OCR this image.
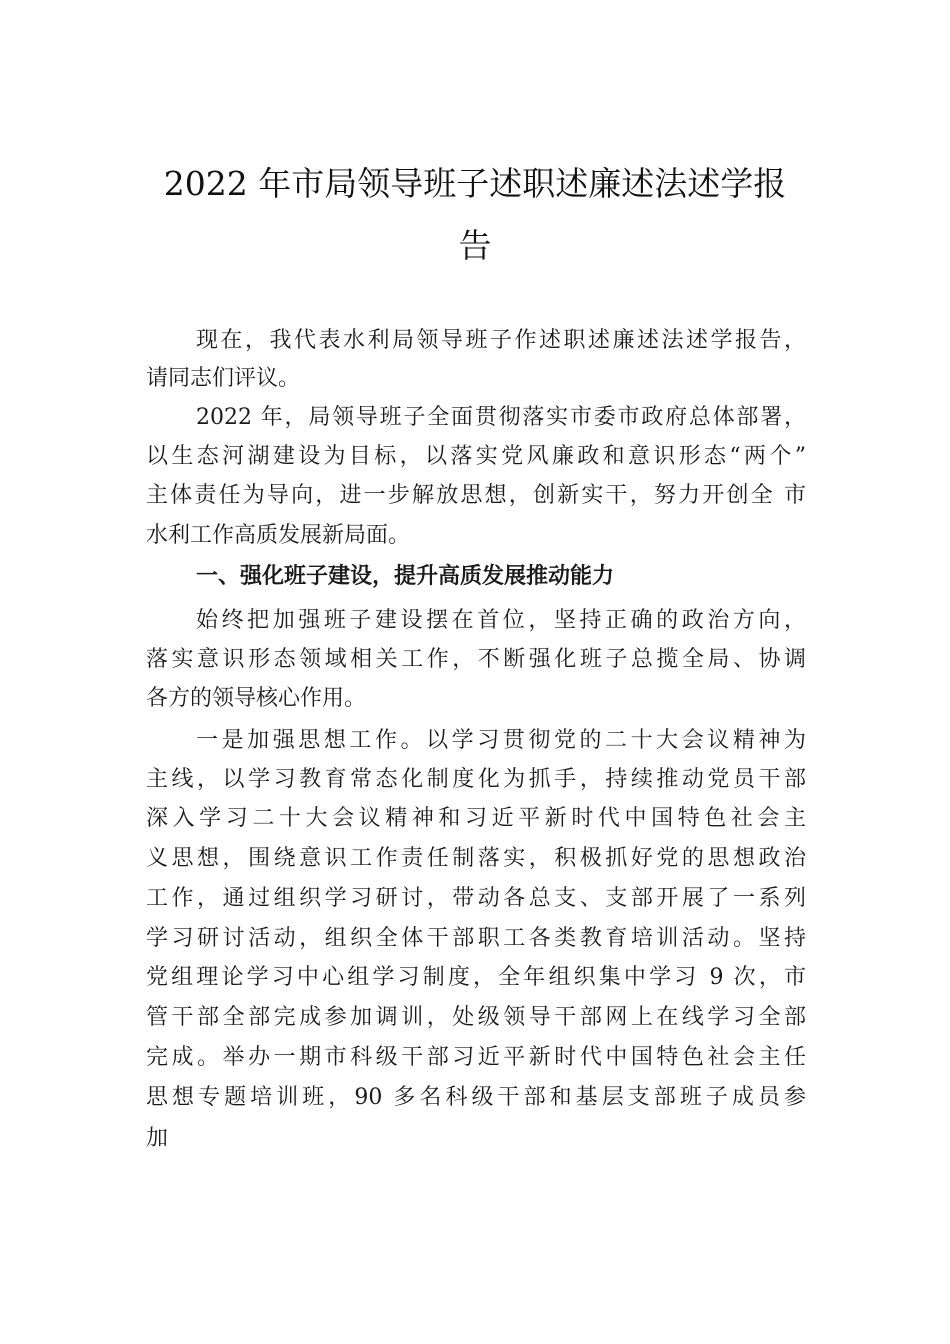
2022 年市局领导班子述职述廉述法述学报
告

现在，我代表水利局领导班子作述职述廉述法述学报告，

请同志们评议。

2022 年，局领导班子全面贯彻落实市委市政府总体部署，

以生态河湖建设为目标，以落实党风廉政和意识形态“两个”

主体责任为导向，进一步解放思想，创新实干，努力开创全 市

水利工作高质发展新局面。

一、强化班子建设，提升高质发展推动能力

始终把加强班子建设摆在首位，坚持正确的政治方向，

落实意识形态领域相关工作，不断强化班子总揽全局、协调

各方的领导核心作用。

一是加强思想工作。以学习贯彻党的二十大会议精神为

主线，以学习教育常态化制度化为抓手，持续推动党员干部

深入学习二十大会议精神和习近平新时代中国特色社会主

义思想，围绕意识工作责任制落实，积极抓好党的思想政治

工作，通过组织学习研讨，带动各总支、支部开展了一系列

学习研讨活动，组织全体干部职工各类教育培训活动。坚持

党组理论学习中心组学习制度，全年组织集中学习 9 次，市

管干部全部完成参加调训，处级领导干部网上在线学习全部

完成。举办一期市科级干部习近平新时代中国特色社会主任

思想专题培训班，90 多名科级干部和基层支部班子成员参

加
